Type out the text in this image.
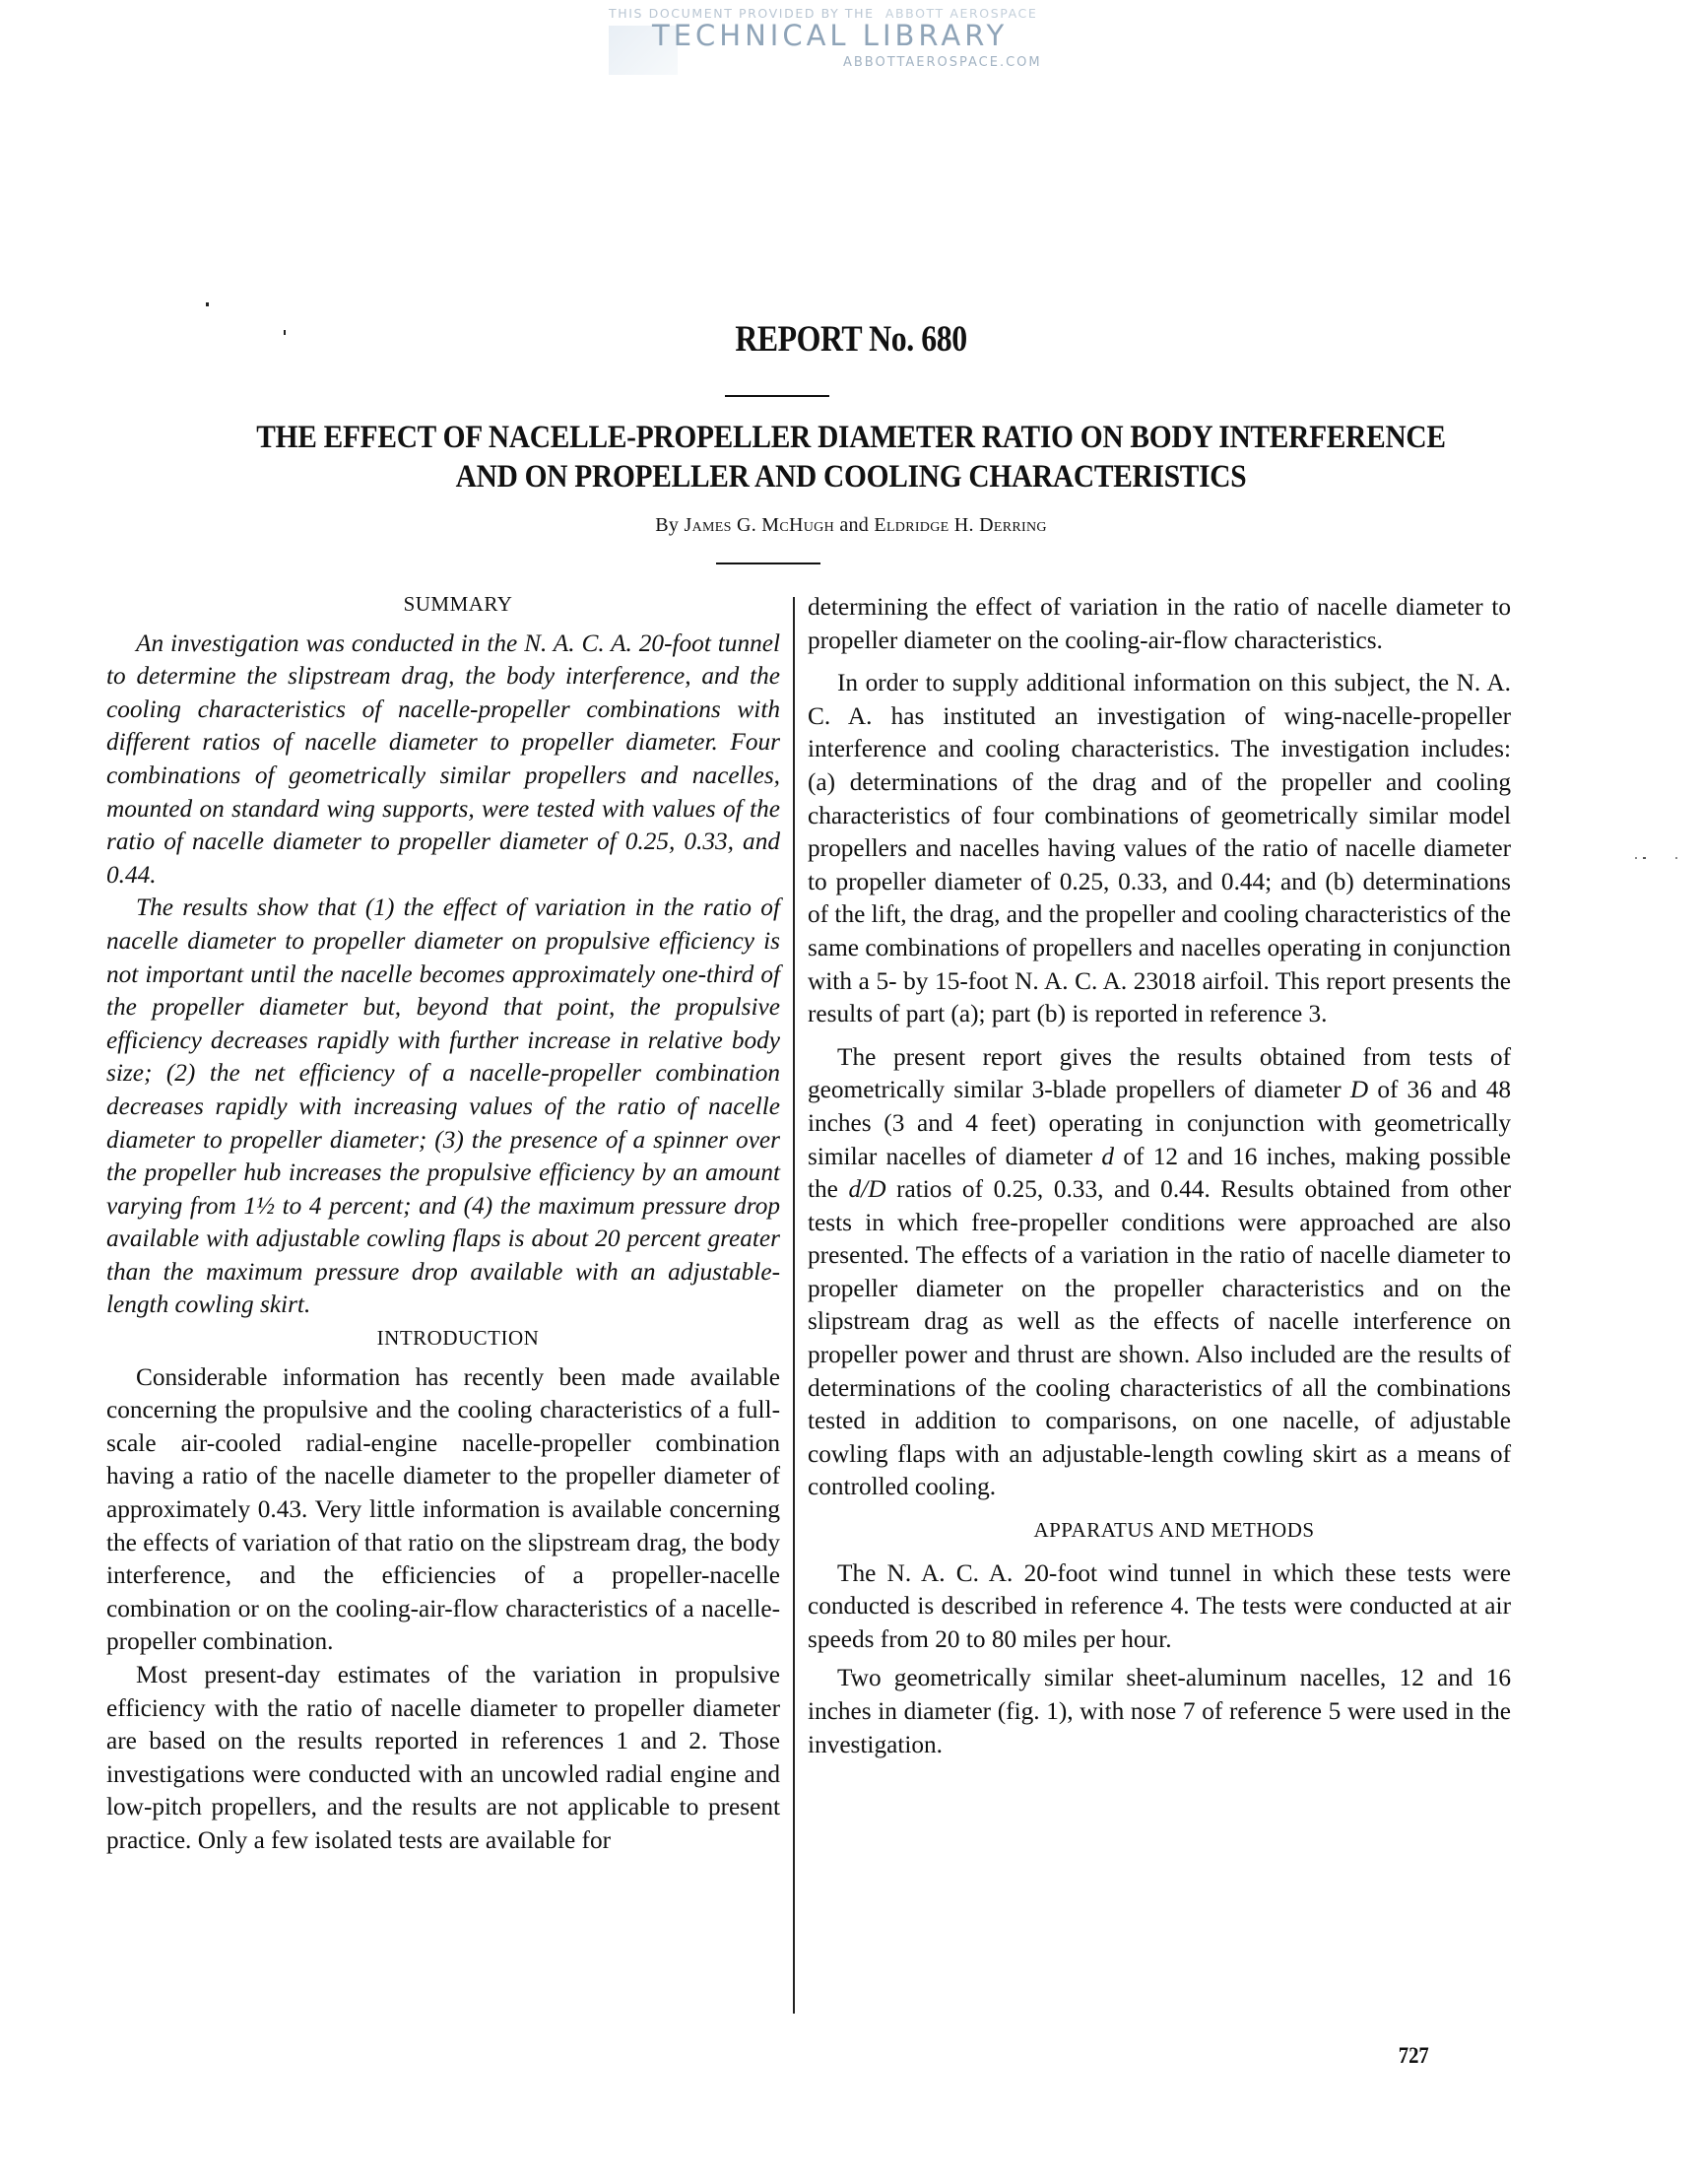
THIS DOCUMENT PROVIDED BY THE ABBOTT AEROSPACE
TECHNICAL LIBRARY
ABBOTTAEROSPACE.COM
REPORT No. 680
THE EFFECT OF NACELLE-PROPELLER DIAMETER RATIO ON BODY INTERFERENCE
AND ON PROPELLER AND COOLING CHARACTERISTICS
By James G. McHugh and Eldridge H. Derring

SUMMARY

An investigation was conducted in the N. A. C. A. 20-foot tunnel to determine the slipstream drag, the body interference, and the cooling characteristics of nacelle-propeller combinations with different ratios of nacelle diameter to propeller diameter. Four combinations of geometrically similar propellers and nacelles, mounted on standard wing supports, were tested with values of the ratio of nacelle diameter to propeller diameter of 0.25, 0.33, and 0.44.

The results show that (1) the effect of variation in the ratio of nacelle diameter to propeller diameter on propulsive efficiency is not important until the nacelle becomes approximately one-third of the propeller diameter but, beyond that point, the propulsive efficiency decreases rapidly with further increase in relative body size; (2) the net efficiency of a nacelle-propeller combination decreases rapidly with increasing values of the ratio of nacelle diameter to propeller diameter; (3) the presence of a spinner over the propeller hub increases the propulsive efficiency by an amount varying from 1½ to 4 percent; and (4) the maximum pressure drop available with adjustable cowling flaps is about 20 percent greater than the maximum pressure drop available with an adjustable-length cowling skirt.

INTRODUCTION

Considerable information has recently been made available concerning the propulsive and the cooling characteristics of a full-scale air-cooled radial-engine nacelle-propeller combination having a ratio of the nacelle diameter to the propeller diameter of approximately 0.43. Very little information is available concerning the effects of variation of that ratio on the slipstream drag, the body interference, and the efficiencies of a propeller-nacelle combination or on the cooling-air-flow characteristics of a nacelle-propeller combination.

Most present-day estimates of the variation in propulsive efficiency with the ratio of nacelle diameter to propeller diameter are based on the results reported in references 1 and 2. Those investigations were conducted with an uncowled radial engine and low-pitch propellers, and the results are not applicable to present practice. Only a few isolated tests are available for

determining the effect of variation in the ratio of nacelle diameter to propeller diameter on the cooling-air-flow characteristics.

In order to supply additional information on this subject, the N. A. C. A. has instituted an investigation of wing-nacelle-propeller interference and cooling characteristics. The investigation includes: (a) determinations of the drag and of the propeller and cooling characteristics of four combinations of geometrically similar model propellers and nacelles having values of the ratio of nacelle diameter to propeller diameter of 0.25, 0.33, and 0.44; and (b) determinations of the lift, the drag, and the propeller and cooling characteristics of the same combinations of propellers and nacelles operating in conjunction with a 5- by 15-foot N. A. C. A. 23018 airfoil. This report presents the results of part (a); part (b) is reported in reference 3.

The present report gives the results obtained from tests of geometrically similar 3-blade propellers of diameter D of 36 and 48 inches (3 and 4 feet) operating in conjunction with geometrically similar nacelles of diameter d of 12 and 16 inches, making possible the d/D ratios of 0.25, 0.33, and 0.44. Results obtained from other tests in which free-propeller conditions were approached are also presented. The effects of a variation in the ratio of nacelle diameter to propeller diameter on the propeller characteristics and on the slipstream drag as well as the effects of nacelle interference on propeller power and thrust are shown. Also included are the results of determinations of the cooling characteristics of all the combinations tested in addition to comparisons, on one nacelle, of adjustable cowling flaps with an adjustable-length cowling skirt as a means of controlled cooling.

APPARATUS AND METHODS

The N. A. C. A. 20-foot wind tunnel in which these tests were conducted is described in reference 4. The tests were conducted at air speeds from 20 to 80 miles per hour.

Two geometrically similar sheet-aluminum nacelles, 12 and 16 inches in diameter (fig. 1), with nose 7 of reference 5 were used in the investigation.

727
